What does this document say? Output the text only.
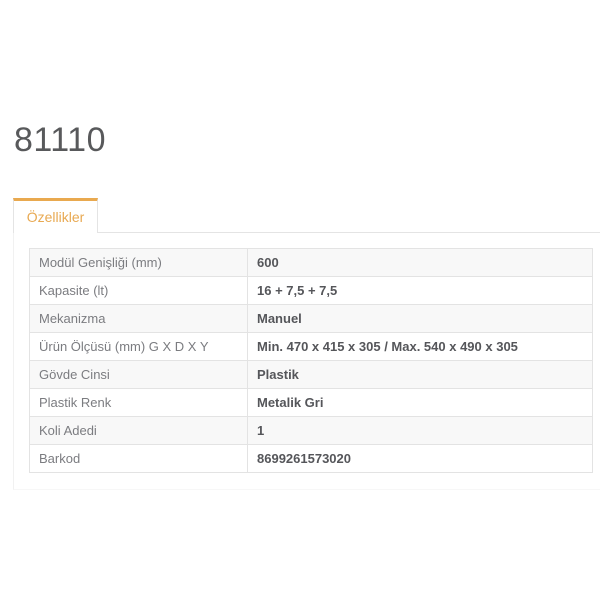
81110
Özellikler
Modül Genişliği (mm)	600
Kapasite (lt)	16 + 7,5 + 7,5
Mekanizma	Manuel
Ürün Ölçüsü (mm) G X D X Y	Min. 470 x 415 x 305 / Max. 540 x 490 x 305
Gövde Cinsi	Plastik
Plastik Renk	Metalik Gri
Koli Adedi	1
Barkod	8699261573020
